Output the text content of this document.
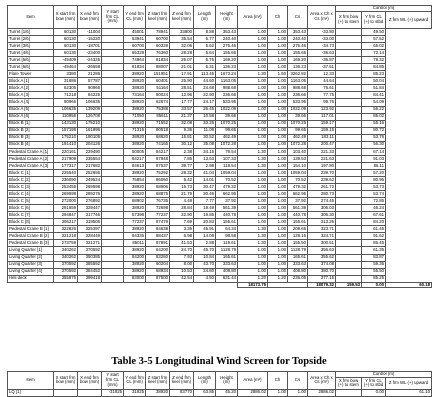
Item	X start frm bow (mm)	X end frm bow (mm)	Y start frm CL (mm)	Y end frm CL (mm)	Z start frm keel (mm)	Z end frm keel (mm)	Length (m)	Height (m)	Area (m²)	Ch	Cs	Area x Ch x Cs (m²)	Control (m)		
													X frm bow (+) to stern	Y frm CL (+) to stbd	Z frm WL (+) upward
Turret [1/6]	60130	-11004		45001	78941	33800	8.88	353.43	1.00	1.00	353.43	-33.80		49.50	
Turret [2/6]	60130	-15220		53941	60700	35.54	6.77	240.40	1.00	1.00	240.40	-33.00		57.52	
Turret [3/6]	60130	-18701		60700	60328	32.06	6.62	276.46	1.00	1.00	276.46	-34.73		65.02	
Turret [4/6]	60130	-23400		65328	76360	28.28	5.64	155.65	1.00	1.00	155.65	-36.63		72.14	
Turret [5/6]	-49409	-24325		74964	81834	25.07	6.75	169.20	1.00	1.00	169.20	-36.87		79.32	
Turret [6/6]	-49464	-26558		81834	88007	21.01	6.31	136.23	1.00	1.00	136.23	-37.51		84.85	
Flare Tower	3380	21286		38920	151951	17.91	113.45	1673.24	1.30	1.50	3262.82	12.33		85.23	
Block A [1]	31686	57787		38920	60401	25.90	44.60	1163.05	1.00	1.00	1163.05	44.64		50.04	
Block A [2]	62305	90966		38920	51164	28.51	24.68	988.68	1.00	1.00	988.68	76.61		51.84	
Block A [3]	71218	84225		73164	80024	12.96	22.90	236.66	1.00	1.00	236.66	77.75		84.41	
Block A [4]	90966	106635		38920	62674	17.77	24.17	533.95	1.00	1.00	533.95	99.75		54.09	
Block A [5]	106635	139209		38920	75388	33.57	26.45	1022.09	1.00	1.00	1022.09	123.92		55.22	
Block A [6]	110956	126708		71050	85611	21.37	10.58	39.66	1.00	1.00	39.66	117.01		85.02	
Block B [1]	143130	175210		38920	71552	32.08	33.26	1070.25	1.00	1.00	1070.25	159.17		55.16	
Block B [2]	157199	161996		71316	80518	9.36	11.09	99.65	1.00	1.00	99.65	159.15		80.72	
Block B [3]	175210	190109		38920	68620	15.81	30.52	462.49	1.00	1.00	462.49	183.11		53.76	
Block B [4]	191410	204126		38920	74165	30.12	35.08	1072.28	1.00	1.00	1072.28	200.47		56.30	
Pedestal Crane A [1]	220161	229490		50005	84217	2.38	34.15	79.54	1.30	1.00	103.40	221.33		67.14	
Pedestal Crane A [2]	217909	235554		84217	87848	7.85	13.63	107.33	1.30	1.00	139.53	221.63		91.03	
Pedestal Crane A [3]	177317	217682		84613	87537	39.77	2.98	118.54	1.30	1.00	154.10	197.80		86.11	
Block C [1]	225540	252655		38920	75292	28.32	41.04	1059.04	1.00	1.00	1059.04	239.70		57.20	
Block C [2]	236090	249524		75854	86060	5.42	14.01	70.52	1.00	1.00	70.52	239.62		80.95	
Block C [3]	253455	269598		38920	68906	15.73	30.47	479.32	1.00	1.00	479.32	261.72		53.73	
Block C [4]	269598	289276		38920	68875	21.75	30.46	662.95	1.00	1.00	662.95	280.73		53.74	
Block C [5]	272000	276892		68902	76735	4.48	7.77	37.92	1.00	1.00	37.92	274.45		72.85	
Block C [6]	291659	329447		38920	72698	28.84	19.49	561.39	1.00	1.00	561.39	306.03		46.24	
Block C [7]	294847	317746		57398	77237	22.90	19.85	440.78	1.00	1.00	440.78	306.30		67.61	
Block C [8]	306217	319506		77237	87479	7.69	20.83	155.61	1.00	1.00	155.61	313.26		84.20	
Pedestal Crane B [1]	322826	325397		38920	84638	3.35	45.91	64.34	1.30	1.00	208.65	323.71		61.45	
Pedestal Crane B [2]	321218	328449		84335	88437	6.98	14.09	98.58	1.30	1.00	128.15	324.71		91.62	
Pedestal Crane B [3]	273759	321271		85011	87891	41.53	2.88	119.61	1.30	1.00	155.50	300.51		86.45	
Living Quarter [1]	340262	370592		38920	64200	24.70	45.70	1128.79	1.00	1.00	1128.79	356.63		61.35	
Living Quarter [2]	340262	350385		84200	83260	7.93	10.84	165.61	1.00	1.00	165.61	355.62		83.87	
Living Quarter [3]	370592	385592		38920	60204	8.00	43.70	333.63	1.00	1.00	333.63	374.08		59.35	
Living Quarter [4]	370592	384452		38920	68934	10.53	24.80	408.80	1.00	1.00	408.80	380.70		55.50	
Heli deck	355875	399418		83000	87500	42.54	4.50	631.44	1.20	1.20	236.05	377.15		85.25	
									18173.75			18079.32	159.53	0.00	60.18
Table 3-5 Longitudinal Wind Screen for Topside
Item	X start frm bow (mm)	X end frm bow (mm)	Y start frm CL (mm)	Y end frm CL (mm)	Z start frm keel (mm)	Z end frm keel (mm)	Length (m)	Height (m)	Area (m²)	Ch	Cs	Area x Ch x Cs (m²)	Control (m)		
													X frm bow (+) to stern	Y frm CL (+) to stbd	Z frm WL (+) upward
LQ [1]			-31925	31925	38920	83770	63.85	45.20	2886.02	1.00	1.00	2886.02		0.00	61.10
